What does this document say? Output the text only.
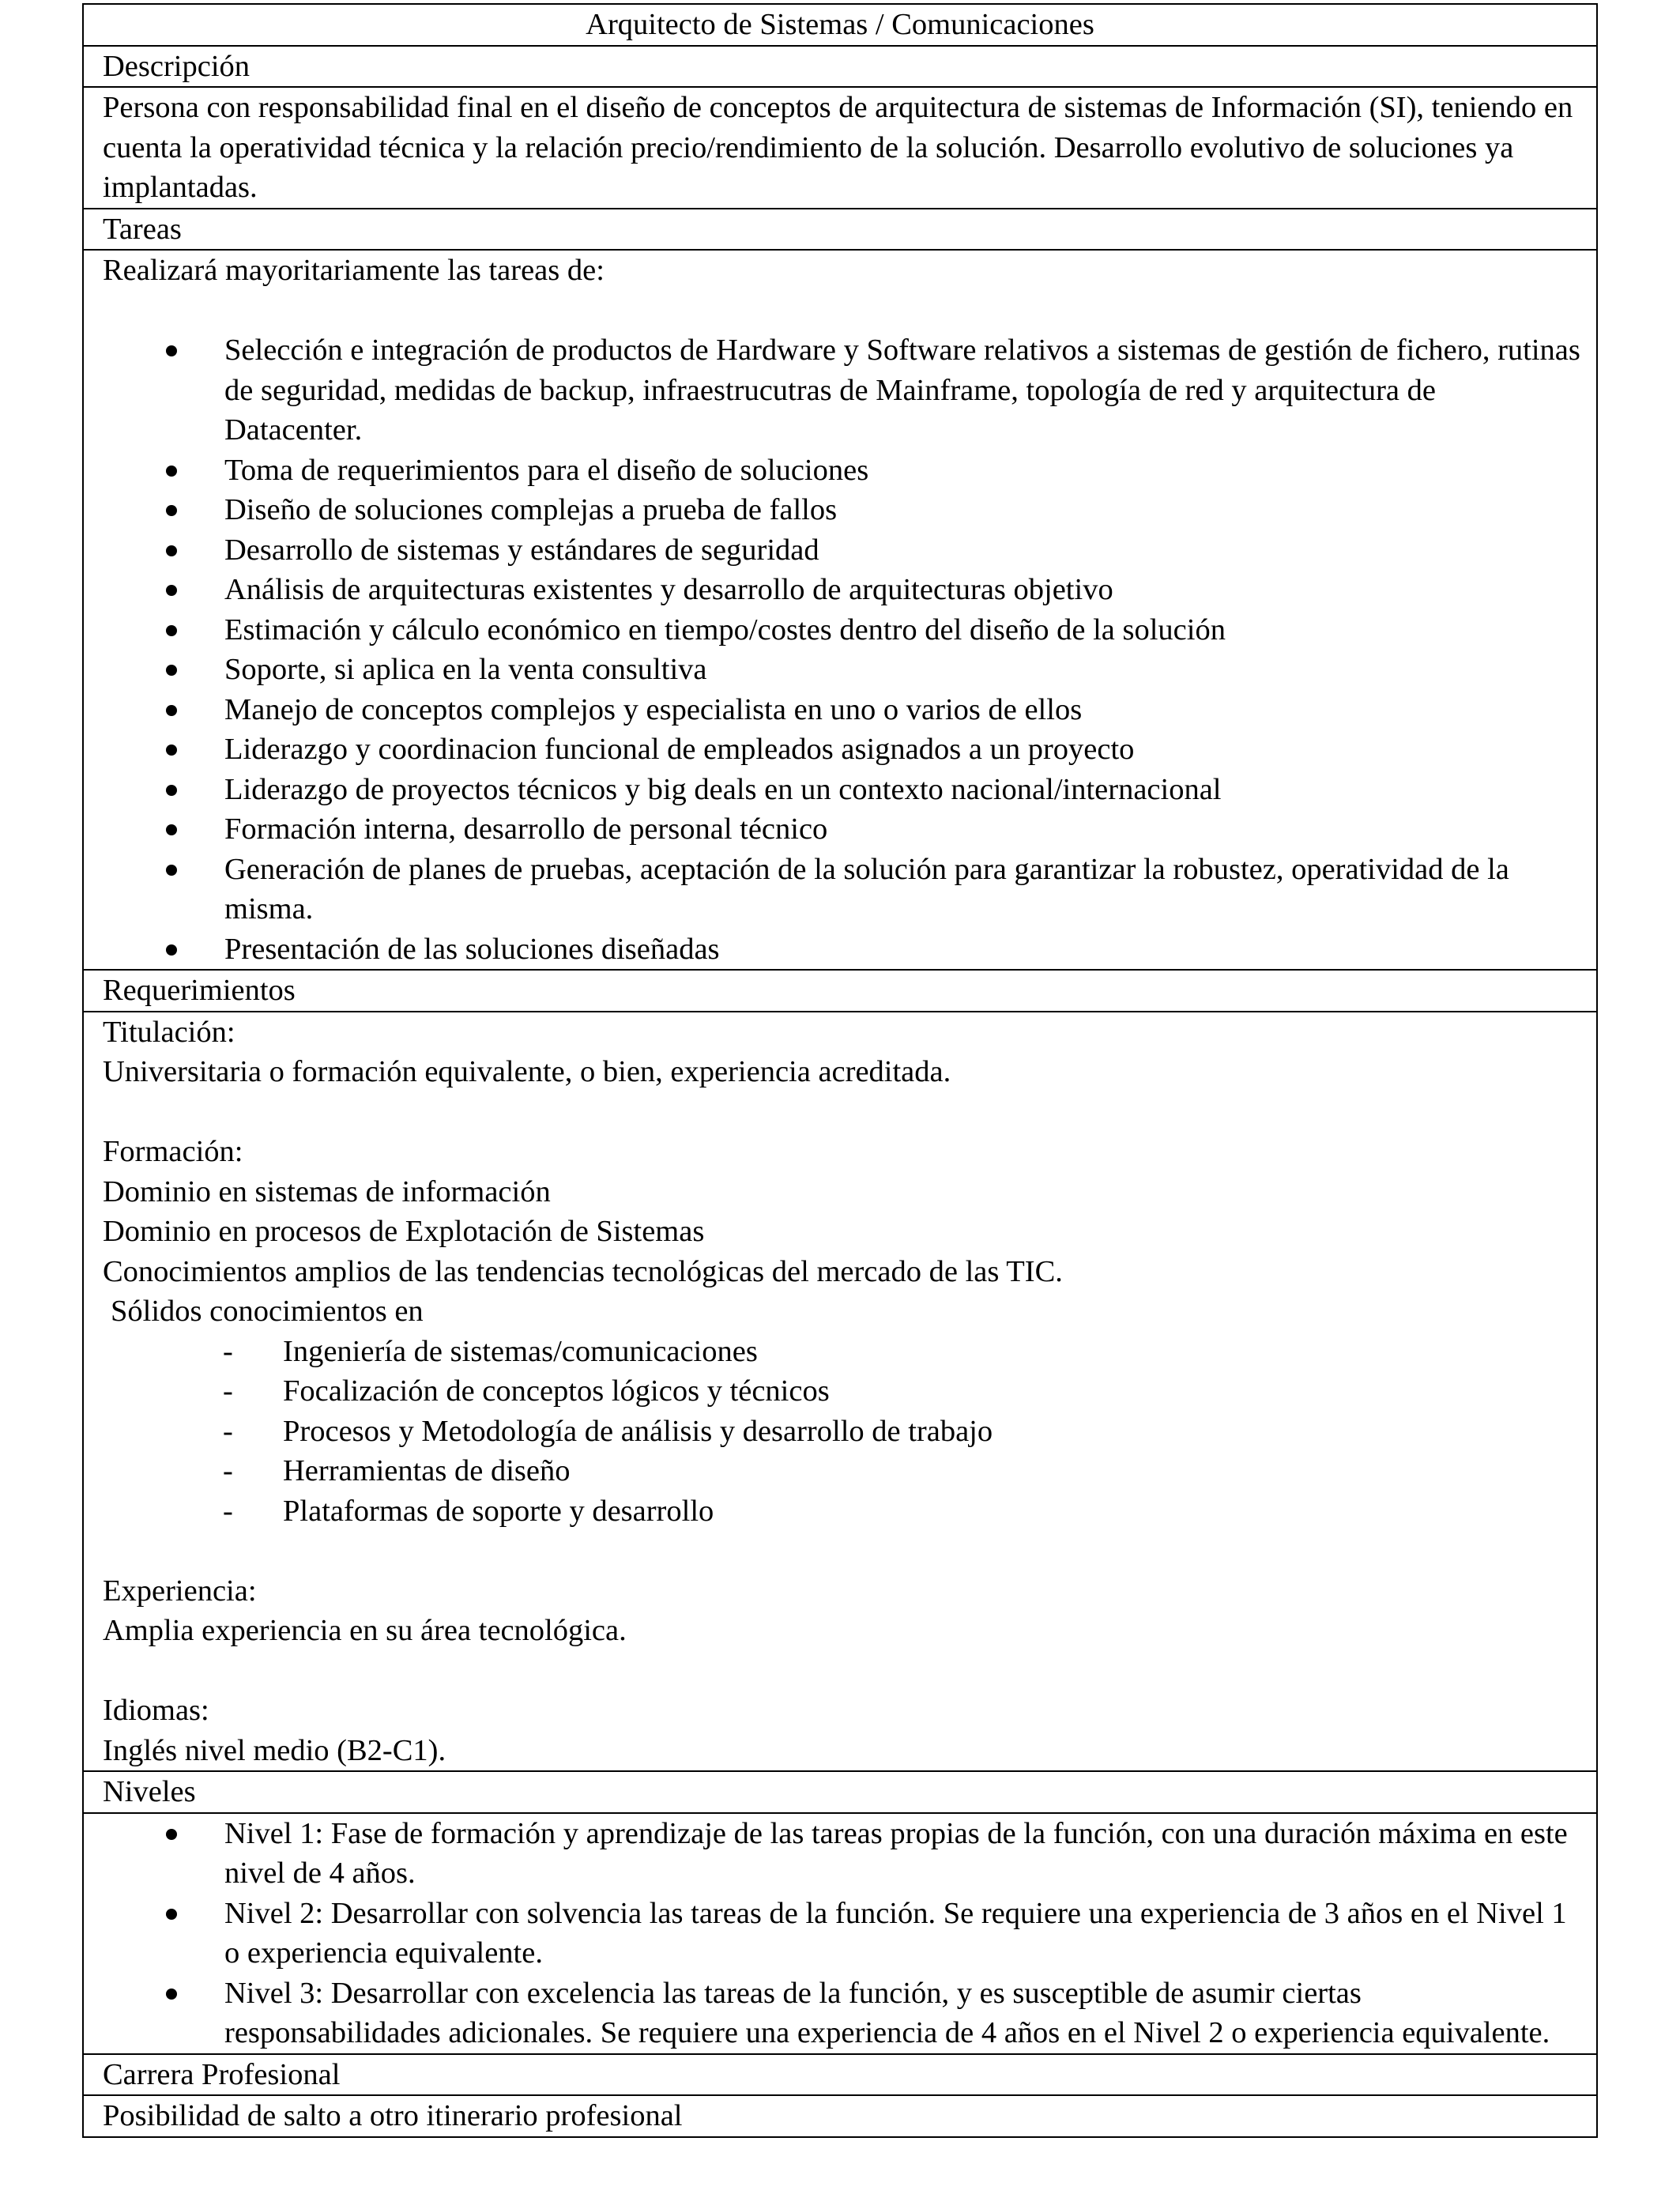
Arquitecto de Sistemas / Comunicaciones
Descripción
Persona con responsabilidad final en el diseño de conceptos de arquitectura de sistemas de Información (SI), teniendo en cuenta la operatividad técnica y la relación precio/rendimiento de la solución. Desarrollo evolutivo de soluciones ya implantadas.
Tareas
Realizará mayoritariamente las tareas de:
Selección e integración de productos de Hardware y Software relativos a sistemas de gestión de fichero, rutinas de seguridad, medidas de backup, infraestrucutras de Mainframe, topología de red y arquitectura de Datacenter.
Toma de requerimientos para el diseño de soluciones
Diseño de soluciones complejas a prueba de fallos
Desarrollo de sistemas y estándares de seguridad
Análisis de arquitecturas existentes y desarrollo de arquitecturas objetivo
Estimación y cálculo económico en tiempo/costes dentro del diseño de la solución
Soporte, si aplica en la venta consultiva
Manejo de conceptos complejos y especialista en uno o varios de ellos
Liderazgo y coordinacion funcional de empleados asignados a un proyecto
Liderazgo de proyectos técnicos y big deals en un contexto nacional/internacional
Formación interna, desarrollo de personal técnico
Generación de planes de pruebas, aceptación de la solución para garantizar la robustez, operatividad de la misma.
Presentación de las soluciones diseñadas
Requerimientos
Titulación:
Universitaria o formación equivalente, o bien, experiencia acreditada.
Formación:
Dominio en sistemas de información
Dominio en procesos de Explotación de Sistemas
Conocimientos amplios de las tendencias tecnológicas del mercado de las TIC.
Sólidos conocimientos en
- Ingeniería de sistemas/comunicaciones
- Focalización de conceptos lógicos y técnicos
- Procesos y Metodología de análisis y desarrollo de trabajo
- Herramientas de diseño
- Plataformas de soporte y desarrollo
Experiencia:
Amplia experiencia en su área tecnológica.
Idiomas:
Inglés nivel medio (B2-C1).
Niveles
Nivel 1: Fase de formación y aprendizaje de las tareas propias de la función, con una duración máxima en este nivel de 4 años.
Nivel 2: Desarrollar con solvencia las tareas de la función. Se requiere una experiencia de 3 años en el Nivel 1 o experiencia equivalente.
Nivel 3: Desarrollar con excelencia las tareas de la función, y es susceptible de asumir ciertas responsabilidades adicionales. Se requiere una experiencia de 4 años en el Nivel 2 o experiencia equivalente.
Carrera Profesional
Posibilidad de salto a otro itinerario profesional
